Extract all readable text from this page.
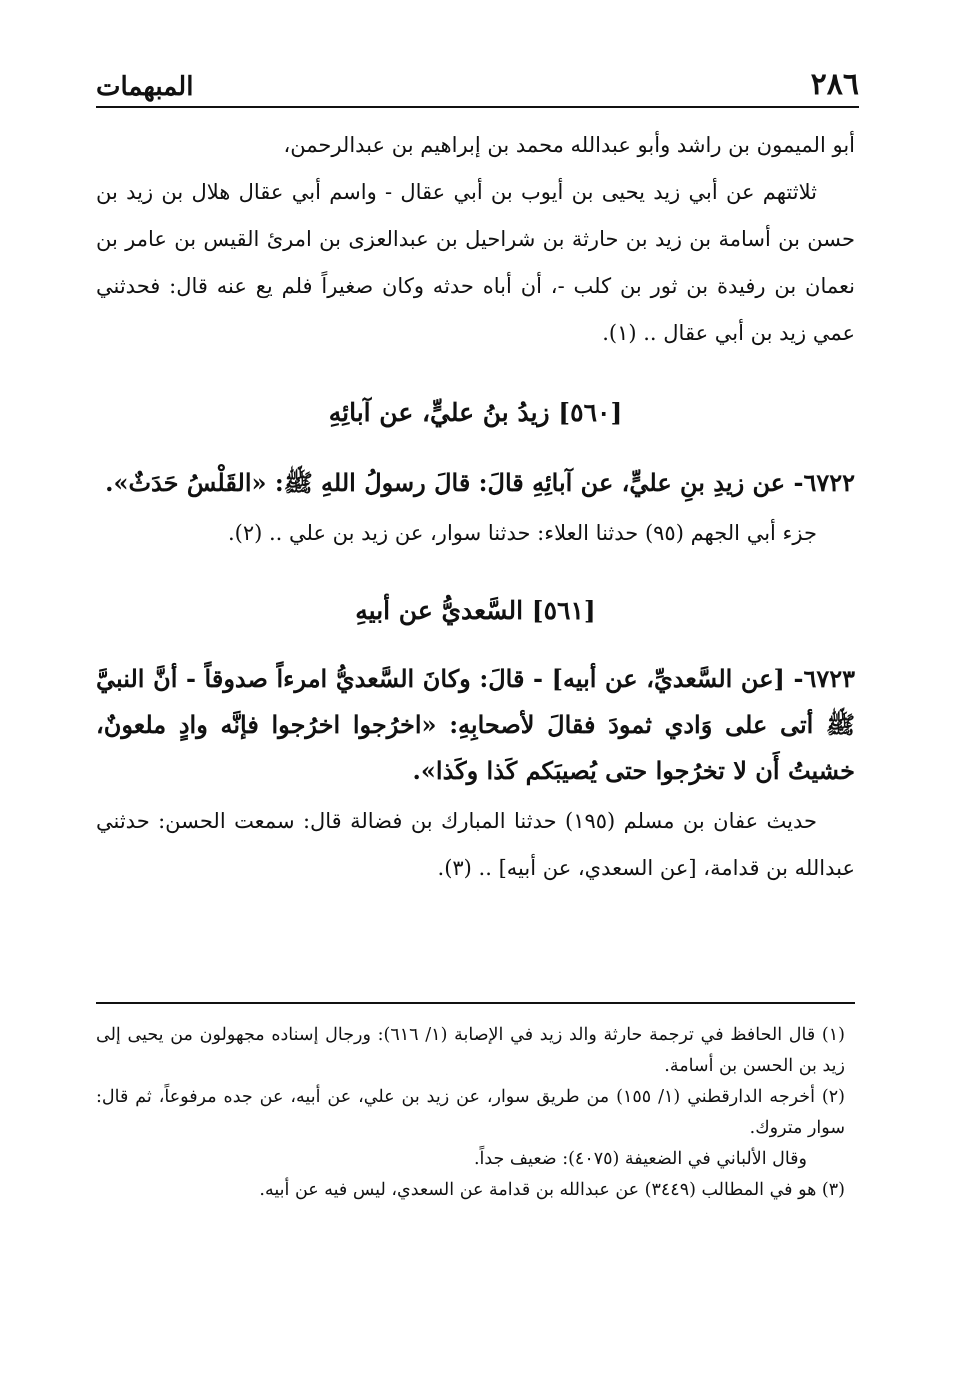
٢٨٦
المبهمات

أبو الميمون بن راشد وأبو عبدالله محمد بن إبراهيم بن عبدالرحمن،

ثلاثتهم عن أبي زيد يحيى بن أيوب بن أبي عقال - واسم أبي عقال هلال بن زيد بن حسن بن أسامة بن زيد بن حارثة بن شراحيل بن عبدالعزى بن امرئ القيس بن عامر بن نعمان بن رفيدة بن ثور بن كلب -، أن أباه حدثه وكان صغيراً فلم يع عنه قال: فحدثني عمي زيد بن أبي عقال .. (١).

[٥٦٠] زيدُ بنُ عليٍّ، عن آبائِهِ

٦٧٢٢- عن زيدِ بنِ عليٍّ، عن آبائِهِ قالَ: قالَ رسولُ اللهِ ﷺ: «القَلْسُ حَدَثٌ».

جزء أبي الجهم (٩٥) حدثنا العلاء: حدثنا سوار، عن زيد بن علي .. (٢).

[٥٦١] السَّعديُّ عن أبيهِ

٦٧٢٣- [عن السَّعديِّ، عن أبيه] - قالَ: وكانَ السَّعديُّ امرءاً صدوقاً - أنَّ النبيَّ ﷺ أتى على وَادي ثمودَ فقالَ لأصحابِهِ: «اخرُجوا اخرُجوا فإنَّه وادٍ ملعونٌ، خشيتُ أَن لا تخرُجوا حتى يُصيبَكم كَذا وكَذا».

حديث عفان بن مسلم (١٩٥) حدثنا المبارك بن فضالة قال: سمعت الحسن: حدثني عبدالله بن قدامة، [عن السعدي، عن أبيه] .. (٣).

(١) قال الحافظ في ترجمة حارثة والد زيد في الإصابة (١/ ٦١٦): ورجال إسناده مجهولون من يحيى إلى زيد بن الحسن بن أسامة.

(٢) أخرجه الدارقطني (١/ ١٥٥) من طريق سوار، عن زيد بن علي، عن أبيه، عن جده مرفوعاً، ثم قال: سوار متروك.

وقال الألباني في الضعيفة (٤٠٧٥): ضعيف جداً.

(٣) هو في المطالب (٣٤٤٩) عن عبدالله بن قدامة عن السعدي، ليس فيه عن أبيه.
